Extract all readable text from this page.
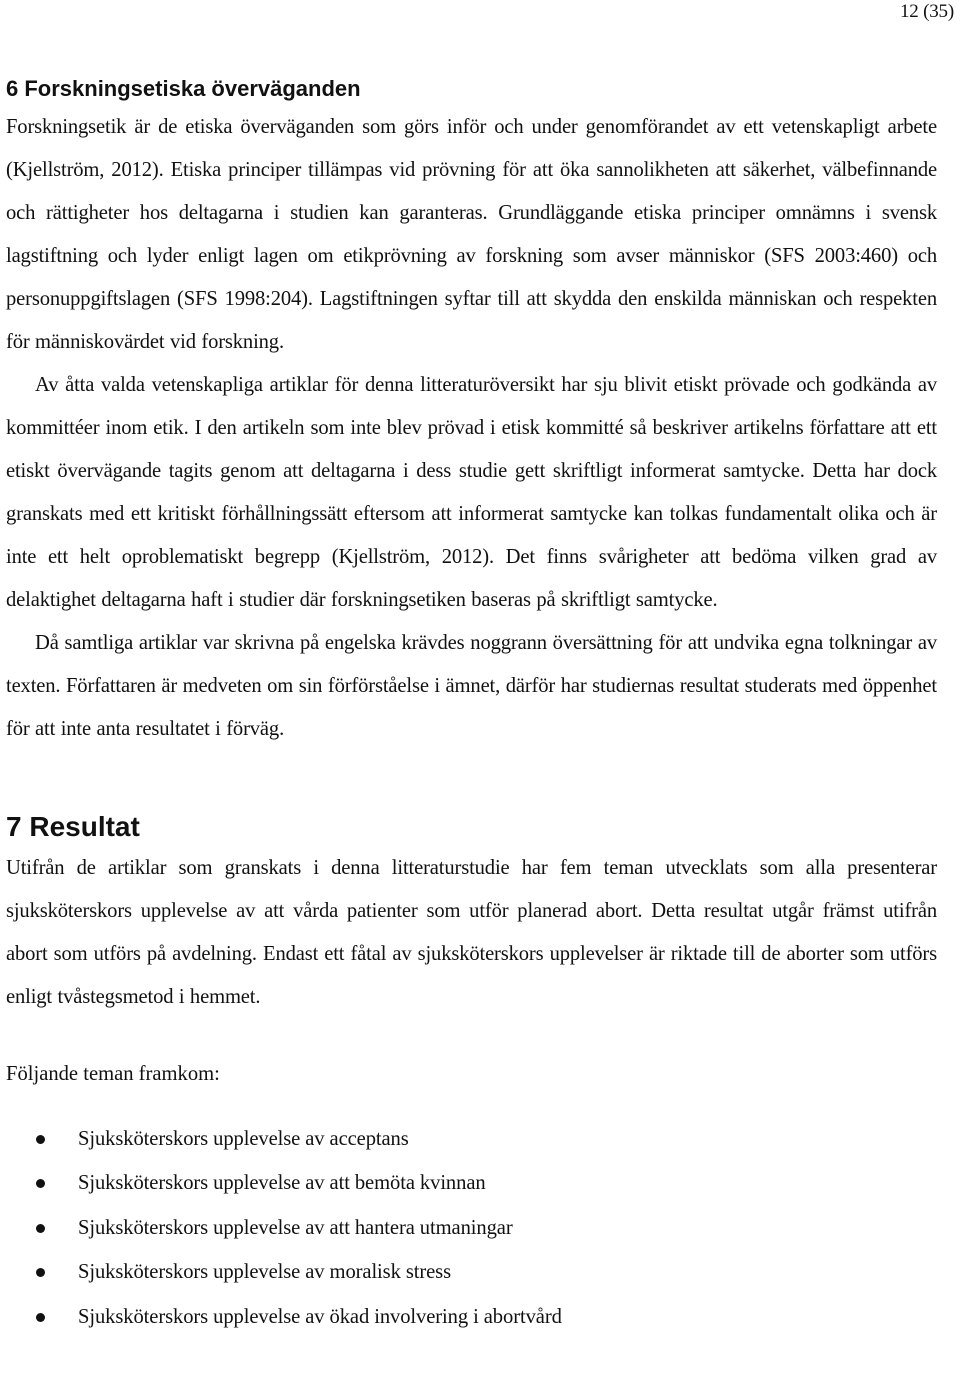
12 (35)
6 Forskningsetiska överväganden

Forskningsetik är de etiska överväganden som görs inför och under genomförandet av ett vetenskapligt arbete (Kjellström, 2012). Etiska principer tillämpas vid prövning för att öka sannolikheten att säkerhet, välbefinnande och rättigheter hos deltagarna i studien kan garanteras. Grundläggande etiska principer omnämns i svensk lagstiftning och lyder enligt lagen om etikprövning av forskning som avser människor (SFS 2003:460) och personuppgiftslagen (SFS 1998:204). Lagstiftningen syftar till att skydda den enskilda människan och respekten för människovärdet vid forskning.

Av åtta valda vetenskapliga artiklar för denna litteraturöversikt har sju blivit etiskt prövade och godkända av kommittéer inom etik. I den artikeln som inte blev prövad i etisk kommitté så beskriver artikelns författare att ett etiskt övervägande tagits genom att deltagarna i dess studie gett skriftligt informerat samtycke. Detta har dock granskats med ett kritiskt förhållningssätt eftersom att informerat samtycke kan tolkas fundamentalt olika och är inte ett helt oproblematiskt begrepp (Kjellström, 2012). Det finns svårigheter att bedöma vilken grad av delaktighet deltagarna haft i studier där forskningsetiken baseras på skriftligt samtycke.

Då samtliga artiklar var skrivna på engelska krävdes noggrann översättning för att undvika egna tolkningar av texten. Författaren är medveten om sin förförståelse i ämnet, därför har studiernas resultat studerats med öppenhet för att inte anta resultatet i förväg.

7 Resultat

Utifrån de artiklar som granskats i denna litteraturstudie har fem teman utvecklats som alla presenterar sjuksköterskors upplevelse av att vårda patienter som utför planerad abort. Detta resultat utgår främst utifrån abort som utförs på avdelning. Endast ett fåtal av sjuksköterskors upplevelser är riktade till de aborter som utförs enligt tvåstegsmetod i hemmet.

Följande teman framkom:

Sjuksköterskors upplevelse av acceptans
Sjuksköterskors upplevelse av att bemöta kvinnan
Sjuksköterskors upplevelse av att hantera utmaningar
Sjuksköterskors upplevelse av moralisk stress
Sjuksköterskors upplevelse av ökad involvering i abortvård
